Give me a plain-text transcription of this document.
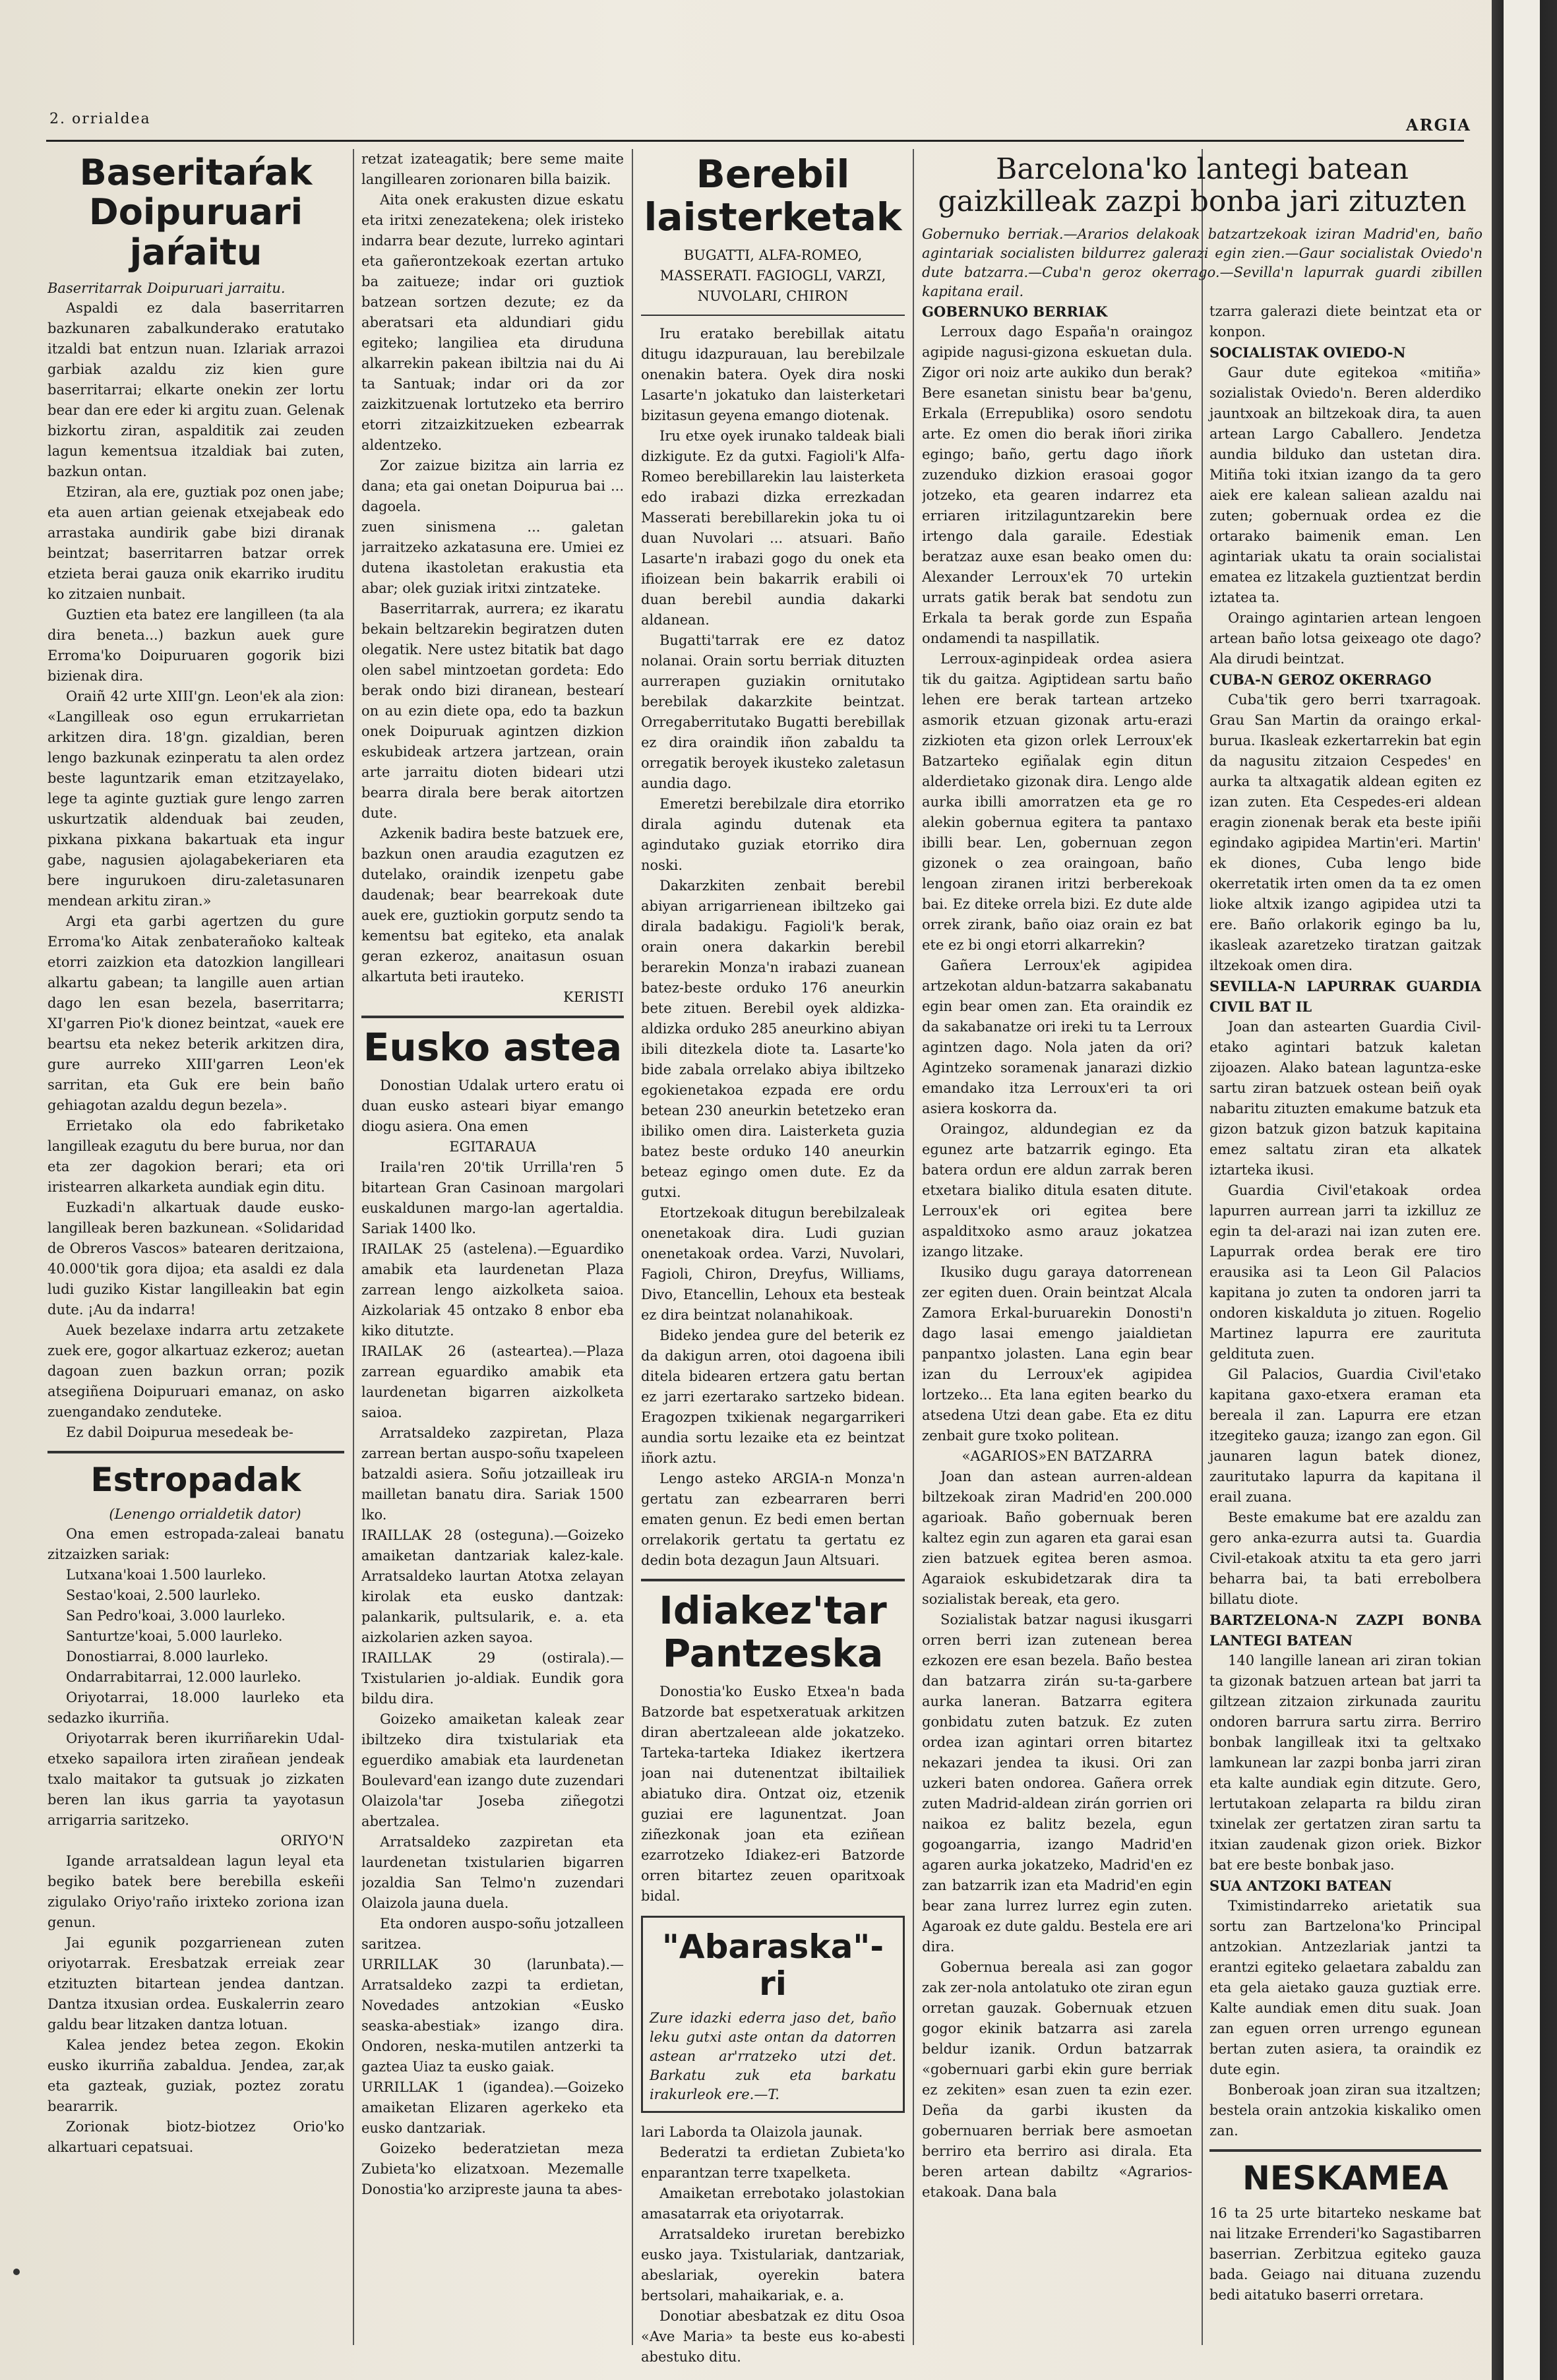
2. orrialdea	ARGIA
Baseritaŕak Doipuruari jaŕaitu

Baserritarrak Doipuruari jarraitu.

Aspaldi ez dala baserritarren bazkunaren zabalkunderako eratutako itzaldi bat entzun nuan. Izlariak arrazoi garbiak azaldu ziz kien gure baserritarrai; elkarte onekin zer lortu bear dan ere eder ki argitu zuan. Gelenak bizkortu ziran, aspalditik zai zeuden lagun kementsua itzaldiak bai zuten, bazkun ontan.

Etziran, ala ere, guztiak poz onen jabe; eta auen artian geienak etxejabeak edo arrastaka aundirik gabe bizi diranak beintzat; baserritarren batzar orrek etzieta berai gauza onik ekarriko iruditu ko zitzaien nunbait.

Guztien eta batez ere langilleen (ta ala dira beneta...) bazkun auek gure Erroma'ko Doipuruaren gogorik bizi bizienak dira.

Oraiñ 42 urte XIII'gn. Leon'ek ala zion: «Langilleak oso egun errukarrietan arkitzen dira. 18'gn. gizaldian, beren lengo bazkunak ezinperatu ta alen ordez beste laguntzarik eman etzitzayelako, lege ta aginte guztiak gure lengo zarren uskurtzatik aldenduak bai zeuden, pixkana pixkana bakartuak eta ingur gabe, nagusien ajolagabekeriaren eta bere ingurukoen diru-zaletasunaren mendean arkitu ziran.»

Argi eta garbi agertzen du gure Erroma'ko Aitak zenbaterañoko kalteak etorri zaizkion eta datozkion langilleari alkartu gabean; ta langille auen artian dago len esan bezela, baserritarra; XI'garren Pio'k dionez beintzat, «auek ere beartsu eta nekez beterik arkitzen dira, gure aurreko XIII'garren Leon'ek sarritan, eta Guk ere bein baño gehiagotan azaldu degun bezela».

Errietako ola edo fabriketako langilleak ezagutu du bere burua, nor dan eta zer dagokion berari; eta ori iristearren alkarketa aundiak egin ditu.

Euzkadi'n alkartuak daude eusko-langilleak beren bazkunean. «Solidaridad de Obreros Vascos» batearen deritzaiona, 40.000'tik gora dijoa; eta asaldi ez dala ludi guziko Kistar langilleakin bat egin dute. ¡Au da indarra!

Auek bezelaxe indarra artu zetzakete zuek ere, gogor alkartuaz ezkeroz; auetan dagoan zuen bazkun orran; pozik atsegiñena Doipuruari emanaz, on asko zuengandako zenduteke.

Ez dabil Doipurua mesedeak be-

Estropadak

(Lenengo orrialdetik dator)

Ona emen estropada-zaleai banatu zitzaizken sariak:

Lutxana'koai 1.500 laurleko.

Sestao'koai, 2.500 laurleko.

San Pedro'koai, 3.000 laurleko.

Santurtze'koai, 5.000 laurleko.

Donostiarrai, 8.000 laurleko.

Ondarrabitarrai, 12.000 laurleko.

Oriyotarrai, 18.000 laurleko eta sedazko ikurriña.

Oriyotarrak beren ikurriñarekin Udal-etxeko sapailora irten zirañean jendeak txalo maitakor ta gutsuak jo zizkaten beren lan ikus garria ta yayotasun arrigarria saritzeko.

ORIYO'N

Igande arratsaldean lagun leyal eta begiko batek bere berebilla eskeñi zigulako Oriyo'raño irixteko zoriona izan genun.

Jai egunik pozgarrienean zuten oriyotarrak. Eresbatzak erreiak zear etzituzten bitartean jendea dantzan. Dantza itxusian ordea. Euskalerrin zearo galdu bear litzaken dantza lotuan.

Kalea jendez betea zegon. Ekokin eusko ikurriña zabaldua. Jendea, zar,ak eta gazteak, guziak, poztez zoratu beararrik.

Zorionak biotz-biotzez Orio'ko alkartuari cepatsuai.

retzat izateagatik; bere seme maite langillearen zorionaren billa baizik.

Aita onek erakusten dizue eskatu eta iritxi zenezatekena; olek iristeko indarra bear dezute, lurreko agintari eta gañerontzekoak ezertan artuko ba zaitueze; indar ori guztiok batzean sortzen dezute; ez da aberatsari eta aldundiari gidu egiteko; langiliea eta diruduna alkarrekin pakean ibiltzia nai du Ai ta Santuak; indar ori da zor zaizkitzuenak lortutzeko eta berriro etorri zitzaizkitzueken ezbearrak aldentzeko.

Zor zaizue bizitza ain larria ez dana; eta gai onetan Doipurua bai ... dagoela.

zuen sinismena ... galetan jarraitzeko azkatasuna ere. Umiei ez dutena ikastoletan erakustia eta abar; olek guziak iritxi zintzateke.

Baserritarrak, aurrera; ez ikaratu bekain beltzarekin begiratzen duten olegatik. Nere ustez bitatik bat dago olen sabel mintzoetan gordeta: Edo berak ondo bizi diranean, bestearí on au ezin diete opa, edo ta bazkun onek Doipuruak agintzen dizkion eskubideak artzera jartzean, orain arte jarraitu dioten bideari utzi bearra dirala bere berak aitortzen dute.

Azkenik badira beste batzuek ere, bazkun onen araudia ezagutzen ez dutelako, oraindik izenpetu gabe daudenak; bear bearrekoak dute auek ere, guztiokin gorputz sendo ta kementsu bat egiteko, eta analak geran ezkeroz, anaitasun osuan alkartuta beti irauteko.

KERISTI

Eusko astea

Donostian Udalak urtero eratu oi duan eusko asteari biyar emango diogu asiera. Ona emen

EGITARAUA

Iraila'ren 20'tik Urrilla'ren 5 bitartean Gran Casinoan margolari euskaldunen margo-lan agertaldia. Sariak 1400 lko.

IRAILAK 25 (astelena).—Eguardiko amabik eta laurdenetan Plaza zarrean lengo aizkolketa saioa. Aizkolariak 45 ontzako 8 enbor eba kiko ditutzte.

IRAILAK 26 (astearteа).—Plaza zarrean eguardiko amabik eta laurdenetan bigarren aizkolketa saioa.

Arratsaldeko zazpiretan, Plaza zarrean bertan auspo-soñu txapeleen batzaldi asiera. Soñu jotzailleak iru mailletan banatu dira. Sariak 1500 lko.

IRAILLAK 28 (osteguna).—Goizeko amaiketan dantzariak kalez-kale. Arratsaldeko laurtan Atotxa zelayan kirolak eta eusko dantzak: palankarik, pultsularik, e. a. eta aizkolarien azken sayoa.

IRAILLAK 29 (ostirala).—Txistularien jo-aldiak. Eundik gora bildu dira.

Goizeko amaiketan kaleak zear ibiltzeko dira txistulariak eta eguerdiko amabiak eta laurdenetan Boulevard'ean izango dute zuzendari Olaizola'tar Joseba ziñegotzi abertzalea.

Arratsaldeko zazpiretan eta laurdenetan txistularien bigarren jozaldia San Telmo'n zuzendari Olaizola jauna duela.

Eta ondoren auspo-soñu jotzalleen saritzea.

URRILLAK 30 (larunbata).—Arratsaldeko zazpi ta erdietan, Novedades antzokian «Eusko seaska-abestiak» izango dira. Ondoren, neska-mutilen antzerki ta gaztea Uiaz ta eusko gaiak.

URRILLAK 1 (igandea).—Goizeko amaiketan Elizaren agerkeko eta eusko dantzariak.

Goizeko bederatzietan meza Zubieta'ko elizatxoan. Mezemalle Donostia'ko arzipreste jauna ta abes-

Berebil laisterketak

BUGATTI, ALFA-ROMEO, MASSERATI. FAGIOGLI, VARZI, NUVOLARI, CHIRON

Iru eratako berebillak aitatu ditugu idazpurauan, lau berebilzale onenakin batera. Oyek dira noski Lasarte'n jokatuko dan laisterketari bizitasun geyena emango diotenak.

Iru etxe oyek irunako taldeak biali dizkigute. Ez da gutxi. Fagioli'k Alfa-Romeo berebillarekin lau laisterketa edo irabazi dizka errezkadan Masserati berebillarekin joka tu oi duan Nuvolari ... atsuari. Baño Lasarte'n irabazi gogo du onek eta ifioizean bein bakarrik erabili oi duan berebil aundia dakarki aldanean.

Bugatti'tarrak ere ez datoz nolanai. Orain sortu berriak dituzten aurrerapen guziakin ornitutako berebilak dakarzkite beintzat. Orregaberritutako Bugatti berebillak ez dira oraindik iñon zabaldu ta orregatik beroyek ikusteko zaletasun aundia dago.

Emeretzi berebilzale dira etorriko dirala agindu dutenak eta agindutako guziak etorriko dira noski.

Dakarzkiten zenbait berebil abiyan arrigarrienean ibiltzeko gai dirala badakigu. Fagioli'k berak, orain onera dakarkin berebil berarekin Monza'n irabazi zuanean batez-beste orduko 176 aneurkin bete zituen. Berebil oyek aldizka-aldizka orduko 285 aneurkino abiyan ibili ditezkela diote ta. Lasarte'ko bide zabala orrelako abiya ibiltzeko egokienetakoa ezpada ere ordu betean 230 aneurkin betetzeko eran ibiliko omen dira. Laisterketa guzia batez beste orduko 140 aneurkin beteaz egingo omen dute. Ez da gutxi.

Etortzekoak ditugun berebilzaleak onenetakoak dira. Ludi guzian onenetakoak ordea. Varzi, Nuvolari, Fagioli, Chiron, Dreyfus, Williams, Divo, Etancellin, Lehoux eta besteak ez dira beintzat nolanahikoak.

Bideko jendea gure del beterik ez da dakigun arren, otoi dagoena ibili ditela bidearen ertzera gatu bertan ez jarri ezertarako sartzeko bidean. Eragozpen txikienak negargarrikeri aundia sortu lezaike eta ez beintzat iñork aztu.

Lengo asteko ARGIA-n Monza'n gertatu zan ezbearraren berri ematen genun. Ez bedi emen bertan orrelakorik gertatu ta gertatu ez dedin bota dezagun Jaun Altsuari.

Idiakez'tar Pantzeska

Donostia'ko Eusko Etxea'n bada Batzorde bat espetxeratuak arkitzen diran abertzaleean alde jokatzeko. Tarteka-tarteka Idiakez ikertzera joan nai dutenentzat ibiltailiek abiatuko dira. Ontzat oiz, etzenik guziai ere lagunentzat. Joan ziñezkonak joan eta eziñean ezarrotzeko Idiakez-eri Batzorde orren bitartez zeuen oparitxoak bidal.

"Abaraska"-ri

Zure idazki ederra jaso det, baño leku gutxi aste ontan da datorren astean ar'rratzeko utzi det. Barkatu zuk eta barkatu irakurleok ere.—T.

lari Laborda ta Olaizola jaunak.

Bederatzi ta erdietan Zubieta'ko enparantzan terre txapelketa.

Amaiketan errebotako jolastokian amasatarrak eta oriyotarrak.

Arratsaldeko iruretan berebizko eusko jaya. Txistulariak, dantzariak, abeslariak, oyerekin batera bertsolari, mahaikariak, e. a.

Donotiar abesbatzak ez ditu Osoa «Ave Maria» ta beste eus ko-abesti abestuko ditu.

Barcelona'ko lantegi batean gaizkilleak zazpi bonba jari zituzten

Gobernuko berriak.—Ararios delakoak batzartzekoak iziran Madrid'en, baño agintariak socialisten bildurrez galerazi egin zien.—Gaur socialistak Oviedo'n dute batzarra.—Cuba'n geroz okerrago.—Sevilla'n lapurrak guardi zibillen kapitana erail.

GOBERNUKO BERRIAK

Lerroux dago España'n oraingoz agipide nagusi-gizona eskuetan dula. Zigor ori noiz arte aukiko dun berak? Bere esanetan sinistu bear ba'genu, Erkala (Errepublika) osoro sendotu arte. Ez omen dio berak iñori zirika egingo; baño, gertu dago iñork zuzenduko dizkion erasoai gogor jotzeko, eta gearen indarrez eta erriaren iritzilaguntzarekin bere irtengo dala garaile. Edestiak beratzaz auxe esan beako omen du: Alexander Lerroux'ek 70 urtekin urrats gatik berak bat sendotu zun Erkala ta berak gorde zun España ondamendi ta naspillatik.

Lerroux-aginpideak ordea asiera tik du gaitza. Agiptidean sartu baño lehen ere berak tartean artzeko asmorik etzuan gizonak artu-erazi zizkioten eta gizon orlek Lerroux'ek Batzarteko egiñalak egin ditun alderdietako gizonak dira. Lengo alde aurka ibilli amorratzen eta ge ro alekin gobernua egitera ta pantaxo ibilli bear. Len, gobernuan zegon gizonek o zea oraingoan, baño lengoan ziranen iritzi berberekoak bai. Ez diteke orrela bizi. Ez dute alde orrek zirank, baño oiaz orain ez bat ete ez bi ongi etorri alkarrekin?

Gañera Lerroux'ek agipidea artzekotan aldun-batzarra sakabanatu egin bear omen zan. Eta oraindik ez da sakabanatze ori ireki tu ta Lerroux agintzen dago. Nola jaten da ori? Agintzeko soramenak janarazi dizkio emandako itza Lerroux'eri ta ori asiera koskorra da.

Oraingoz, aldundegian ez da egunez arte batzarrik egingo. Eta batera ordun ere aldun zarrak beren etxetara bialiko ditula esaten ditute. Lerroux'ek ori egitea bere aspalditxoko asmo arauz jokatzea izango litzake.

Ikusiko dugu garaya datorrenean zer egiten duen. Orain beintzat Alcala Zamora Erkal-buruarekin Donosti'n dago lasai emengo jaialdietan panpantxo jolasten. Lana egin bear izan du Lerroux'ek agipidea lortzeko... Eta lana egiten bearko du atsedena Utzi dean gabe. Eta ez ditu zenbait gure txoko politean.

«AGARIOS»EN BATZARRA

Joan dan astean aurren-aldean biltzekoak ziran Madrid'en 200.000 agarioak. Baño gobernuak beren kaltez egin zun agaren eta garai esan zien batzuek egitea beren asmoa. Agaraiok eskubidetzarak dira ta sozialistak bereak, eta gero.

Sozialistak batzar nagusi ikusgarri orren berri izan zutenean berea ezkozen ere esan bezela. Baño bestea dan batzarra zirán su-ta-garbere aurka laneran. Batzarra egitera gonbidatu zuten batzuk. Ez zuten ordea izan agintari orren bitartez nekazari jendea ta ikusi. Ori zan uzkeri baten ondorea. Gañera orrek zuten Madrid-aldean zirán gorrien ori naikoa ez balitz bezela, egun gogoangarria, izango Madrid'en agaren aurka jokatzeko, Madrid'en ez zan batzarrik izan eta Madrid'en egin bear zana lurrez lurrez egin zuten. Agaroak ez dute galdu. Bestela ere ari dira.

Gobernua bereala asi zan gogor zak zer-nola antolatuko ote ziran egun orretan gauzak. Gobernuak etzuen gogor ekinik batzarra asi zarela beldur izanik. Ordun batzarrak «gobernuari garbi ekin gure berriak ez zekiten» esan zuen ta ezin ezer. Deña da garbi ikusten da gobernuaren berriak bere asmoetan berriro eta berriro asi dirala. Eta beren artean dabiltz «Agrarios-etakoak. Dana bala

tzarra galerazi diete beintzat eta or konpon.

SOCIALISTAK OVIEDO-N

Gaur dute egitekoa «mitiña» sozialistak Oviedo'n. Beren alderdiko jauntxoak an biltzekoak dira, ta auen artean Largo Caballero. Jendetza aundia bilduko dan ustetan dira. Mitiña toki itxian izango da ta gero aiek ere kalean saliean azaldu nai zuten; gobernuak ordea ez die ortarako baimenik eman. Len agintariak ukatu ta orain socialistai ematea ez litzakela guztientzat berdin iztatea ta.

Oraingo agintarien artean lengoen artean baño lotsa geixeago ote dago? Ala dirudi beintzat.

CUBA-N GEROZ OKERRAGO

Cuba'tik gero berri txarragoak. Grau San Martin da oraingo erkal-burua. Ikasleak ezkertarrekin bat egin da nagusitu zitzaion Cespedes' en aurka ta altxagatik aldean egiten ez izan zuten. Eta Cespedes-eri aldean eragin zionenak berak eta beste ipiñi egindako agipidea Martin'eri. Martin' ek diones, Cuba lengo bide okerretatik irten omen da ta ez omen lioke altxik izango agipidea utzi ta ere. Baño orlakorik egingo ba lu, ikasleak azaretzeko tiratzan gaitzak iltzekoak omen dira.

SEVILLA-N LAPURRAK GUARDIA CIVIL BAT IL

Joan dan astearten Guardia Civil-etako agintari batzuk kaletan zijoazen. Alako batean laguntza-eske sartu ziran batzuek ostean beiñ oyak nabaritu zituzten emakume batzuk eta gizon batzuk gizon batzuk kapitaina emez saltatu ziran eta alkatek iztarteka ikusi.

Guardia Civil'etakoak ordea lapurren aurrean jarri ta izkilluz ze egin ta del-arazi nai izan zuten ere. Lapurrak ordea berak ere tiro erausika asi ta Leon Gil Palacios kapitana jo zuten ta ondoren jarri ta ondoren kiskalduta jo zituen. Rogelio Martinez lapurra ere zaurituta geldituta zuen.

Gil Palacios, Guardia Civil'etako kapitana gaxo-etxera eraman eta bereala il zan. Lapurra ere etzan itzegiteko gauza; izango zan egon. Gil jaunaren lagun batek dionez, zauritutako lapurra da kapitana il erail zuana.

Beste emakume bat ere azaldu zan gero anka-ezurra autsi ta. Guardia Civil-etakoak atxitu ta eta gero jarri beharra bai, ta bati errebolbera billatu diote.

BARTZELONA-N ZAZPI BONBA LANTEGI BATEAN

140 langille lanean ari ziran tokian ta gizonak batzuen artean bat jarri ta giltzean zitzaion zirkunada zauritu ondoren barrura sartu zirra. Berriro bonbak langilleak itxi ta geltxako lamkunean lar zazpi bonba jarri ziran eta kalte aundiak egin ditzute. Gero, lertutakoan zelaparta ra bildu ziran txinelak zer gertatzen ziran sartu ta itxian zaudenak gizon oriek. Bizkor bat ere beste bonbak jaso.

SUA ANTZOKI BATEAN

Tximistindarreko arietatik sua sortu zan Bartzelona'ko Principal antzokian. Antzezlariak jantzi ta erantzi egiteko gelaetara zabaldu zan eta gela aietako gauza guztiak erre. Kalte aundiak emen ditu suak. Joan zan eguen orren urrengo egunean bertan zuten asiera, ta oraindik ez dute egin.

Bonberoak joan ziran sua itzaltzen; bestela orain antzokia kiskaliko omen zan.

NESKAMEA

16 ta 25 urte bitarteko neskame bat nai litzake Errenderi'ko Sagastibarren baserrian. Zerbitzua egiteko gauza bada. Geiago nai dituana zuzendu bedi aitatuko baserri orretara.
